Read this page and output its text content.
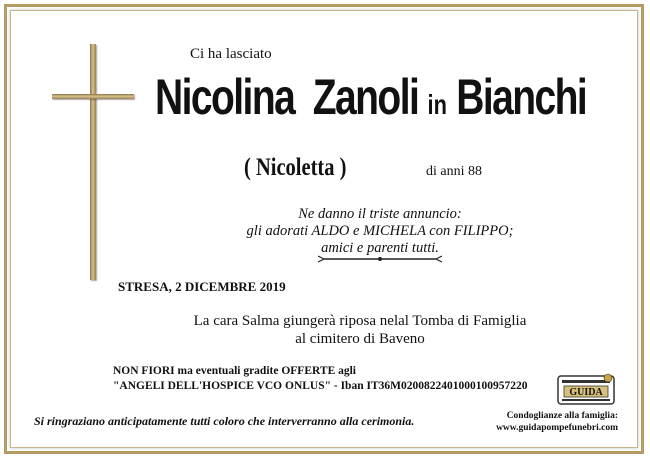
Ci ha lasciato
Nicolina Zanoli in Bianchi
( Nicoletta )	di anni 88
Ne danno il triste annuncio:
gli adorati ALDO e MICHELA con FILIPPO;
amici e parenti tutti.
STRESA, 2 DICEMBRE 2019
La cara Salma giungerà riposa nelal Tomba di Famiglia
al cimitero di Baveno
NON FIORI ma eventuali gradite OFFERTE agli
"ANGELI DELL'HOSPICE VCO ONLUS" - Iban IT36M0200822401000100957220
GUIDA
Condoglianze alla famiglia:
www.guidapompefunebri.com
Si ringraziano anticipatamente tutti coloro che interverranno alla cerimonia.
